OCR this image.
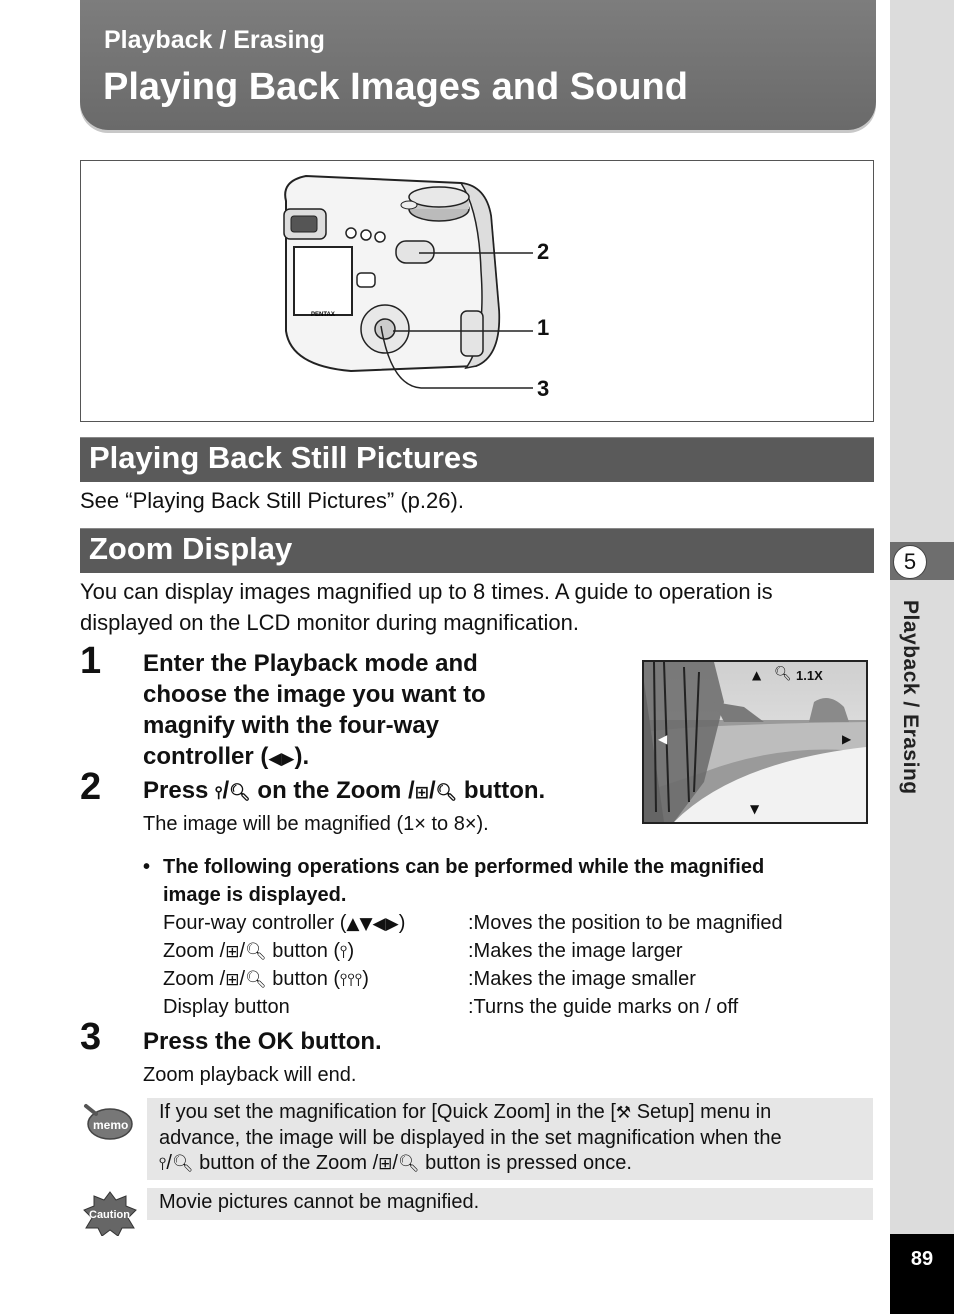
Playback / Erasing
Playing Back Images and Sound
5
Playback / Erasing
89
PENTAX
2
1
3
Playing Back Still Pictures
See “Playing Back Still Pictures” (p.26).
Zoom Display
You can display images magnified up to 8 times. A guide to operation is
displayed on the LCD monitor during magnification.
1 Enter the Playback mode and
choose the image you want to
magnify with the four-way
controller (◀▶).
2 Press ⫯/🔍︎ on the Zoom /⊞/🔍︎ button.
The image will be magnified (1× to 8×).
▲ 🔍︎ 1.1X
◀	▶
▼
• The following operations can be performed while the magnified
image is displayed.
Four-way controller (▲▼◀▶)	:Moves the position to be magnified
Zoom /⊞/🔍︎ button (⫯)	:Makes the image larger
Zoom /⊞/🔍︎ button (⫯⫯⫯)	:Makes the image smaller
Display button	:Turns the guide marks on / off
3 Press the OK button.
Zoom playback will end.
memo
If you set the magnification for [Quick Zoom] in the [⚒ Setup] menu in
advance, the image will be displayed in the set magnification when the
⫯/🔍︎ button of the Zoom /⊞/🔍︎ button is pressed once.
Caution
Movie pictures cannot be magnified.
